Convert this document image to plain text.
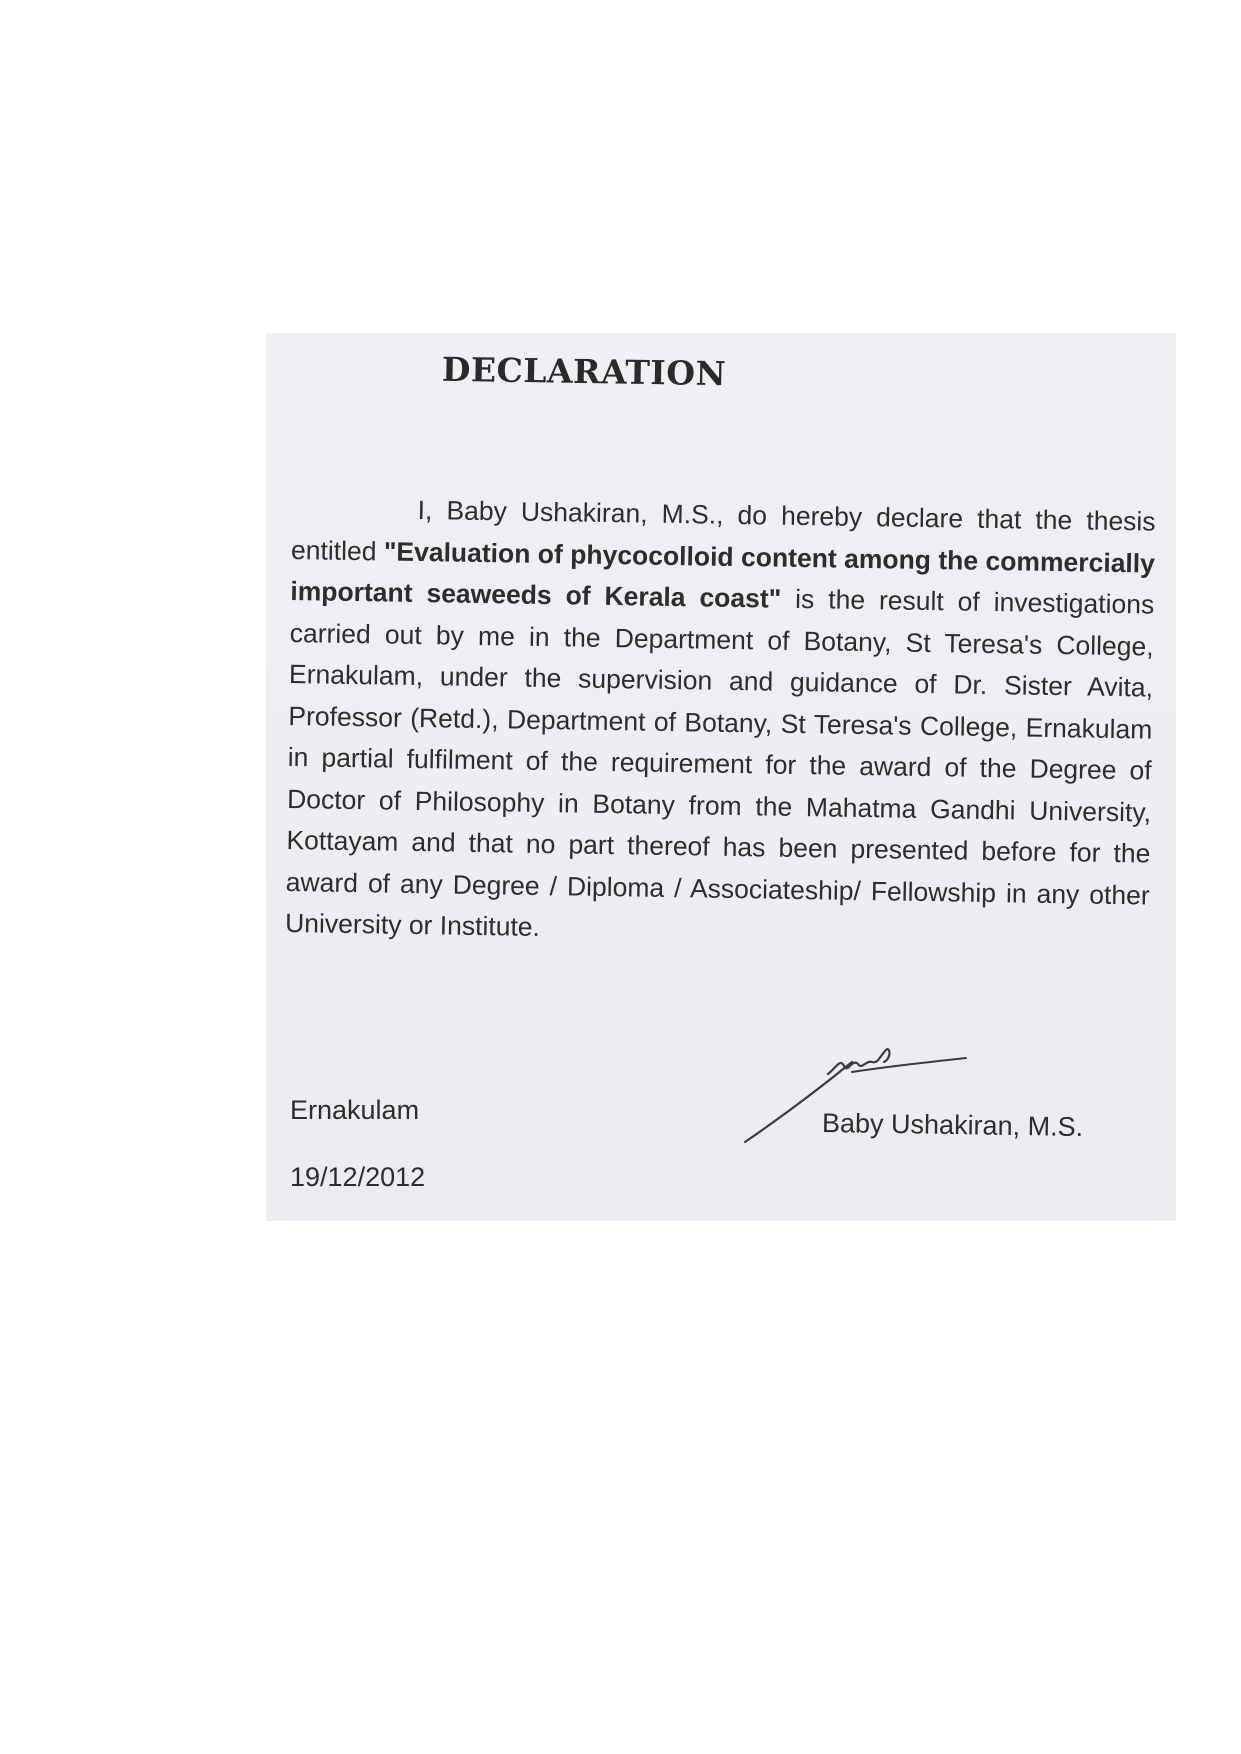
DECLARATION
I, Baby Ushakiran, M.S., do hereby declare that the thesis entitled "Evaluation of phycocolloid content among the commercially important seaweeds of Kerala coast" is the result of investigations carried out by me in the Department of Botany, St Teresa's College, Ernakulam, under the supervision and guidance of Dr. Sister Avita, Professor (Retd.), Department of Botany, St Teresa's College, Ernakulam in partial fulfilment of the requirement for the award of the Degree of Doctor of Philosophy in Botany from the Mahatma Gandhi University, Kottayam and that no part thereof has been presented before for the award of any Degree / Diploma / Associateship/ Fellowship in any other University or Institute.
Ernakulam
19/12/2012
Baby Ushakiran, M.S.
